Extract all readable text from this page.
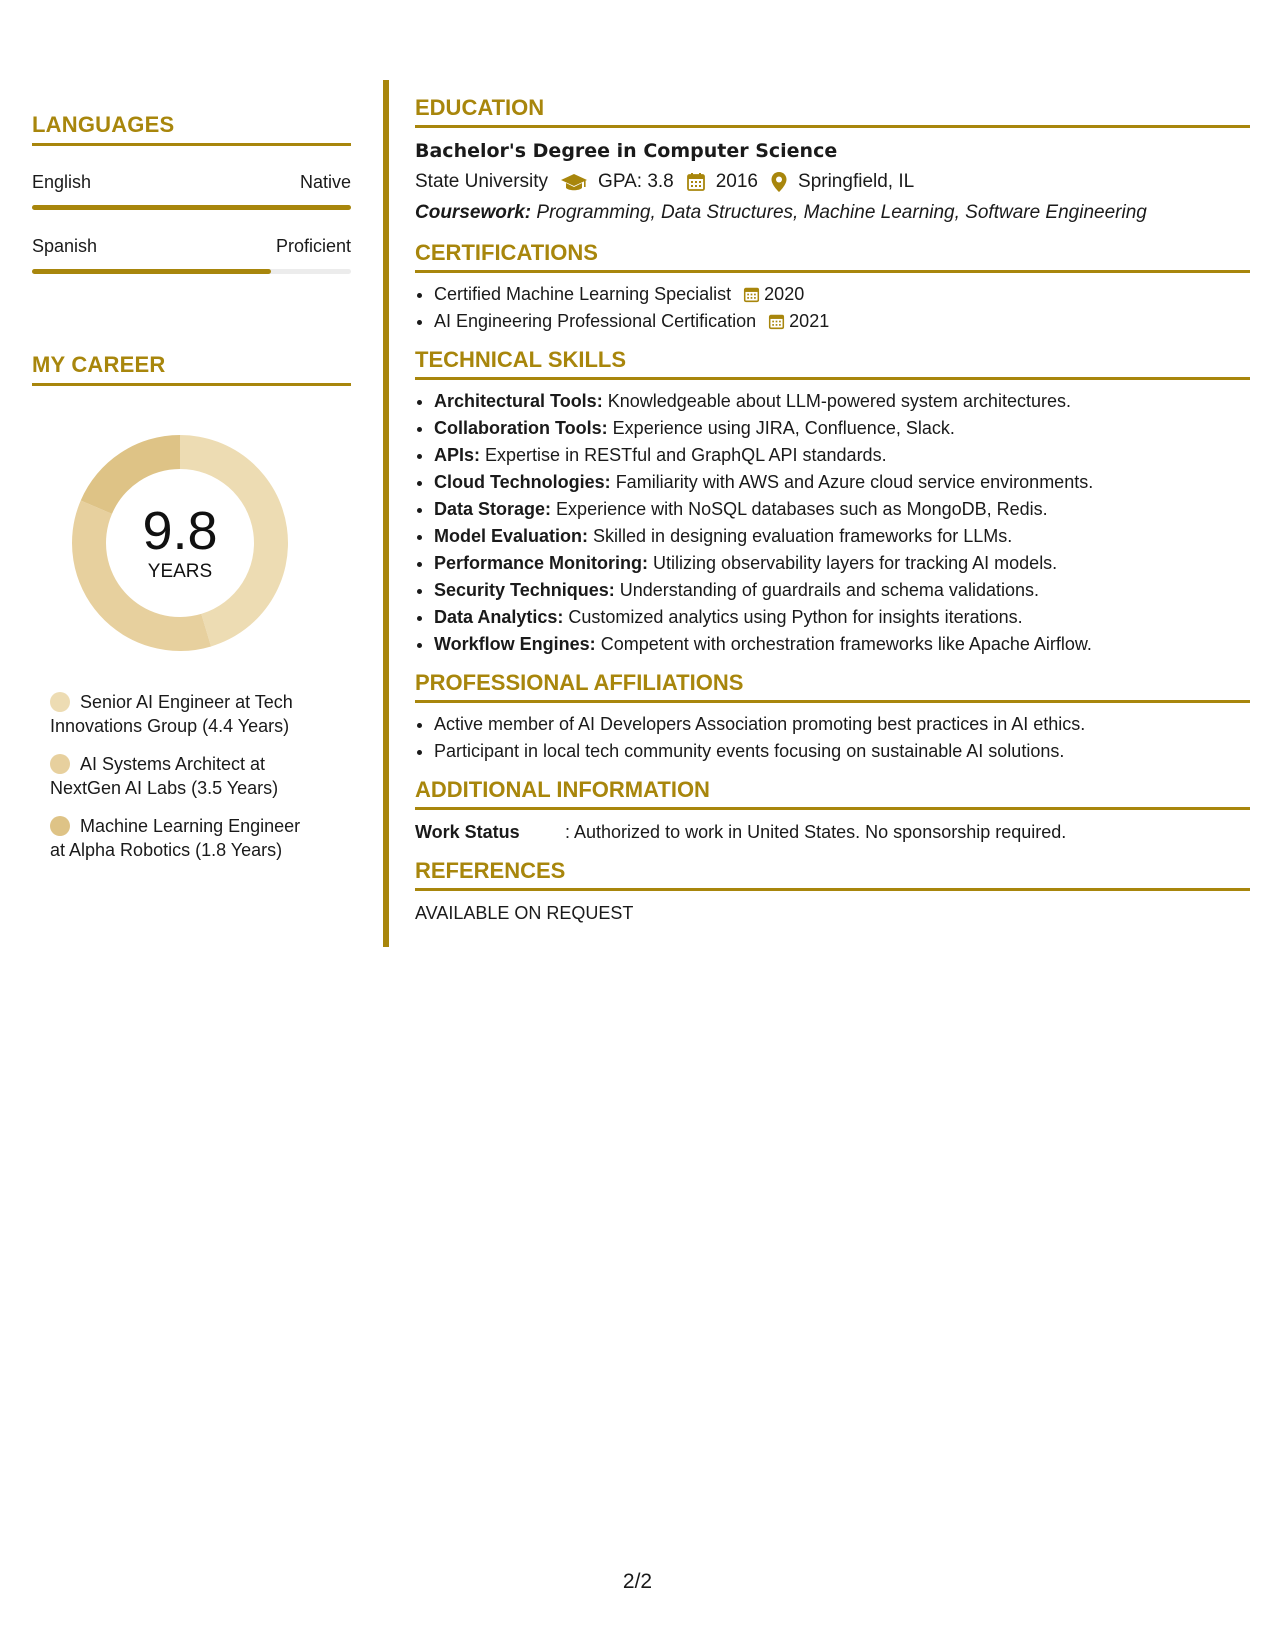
LANGUAGES
English	Native
Spanish	Proficient
MY CAREER
9.8
YEARS
Senior AI Engineer at Tech Innovations Group (4.4 Years)
AI Systems Architect at NextGen AI Labs (3.5 Years)
Machine Learning Engineer at Alpha Robotics (1.8 Years)
EDUCATION
Bachelor's Degree in Computer Science
State University	GPA: 3.8 2016 Springfield, IL
Coursework: Programming, Data Structures, Machine Learning, Software Engineering
CERTIFICATIONS
• Certified Machine Learning Specialist 2020
• AI Engineering Professional Certification 2021
TECHNICAL SKILLS
• Architectural Tools: Knowledgeable about LLM-powered system architectures.
• Collaboration Tools: Experience using JIRA, Confluence, Slack.
• APIs: Expertise in RESTful and GraphQL API standards.
• Cloud Technologies: Familiarity with AWS and Azure cloud service environments.
• Data Storage: Experience with NoSQL databases such as MongoDB, Redis.
• Model Evaluation: Skilled in designing evaluation frameworks for LLMs.
• Performance Monitoring: Utilizing observability layers for tracking AI models.
• Security Techniques: Understanding of guardrails and schema validations.
• Data Analytics: Customized analytics using Python for insights iterations.
• Workflow Engines: Competent with orchestration frameworks like Apache Airflow.
PROFESSIONAL AFFILIATIONS
• Active member of AI Developers Association promoting best practices in AI ethics.
• Participant in local tech community events focusing on sustainable AI solutions.
ADDITIONAL INFORMATION
Work Status	: Authorized to work in United States. No sponsorship required.
REFERENCES
AVAILABLE ON REQUEST
2/2
